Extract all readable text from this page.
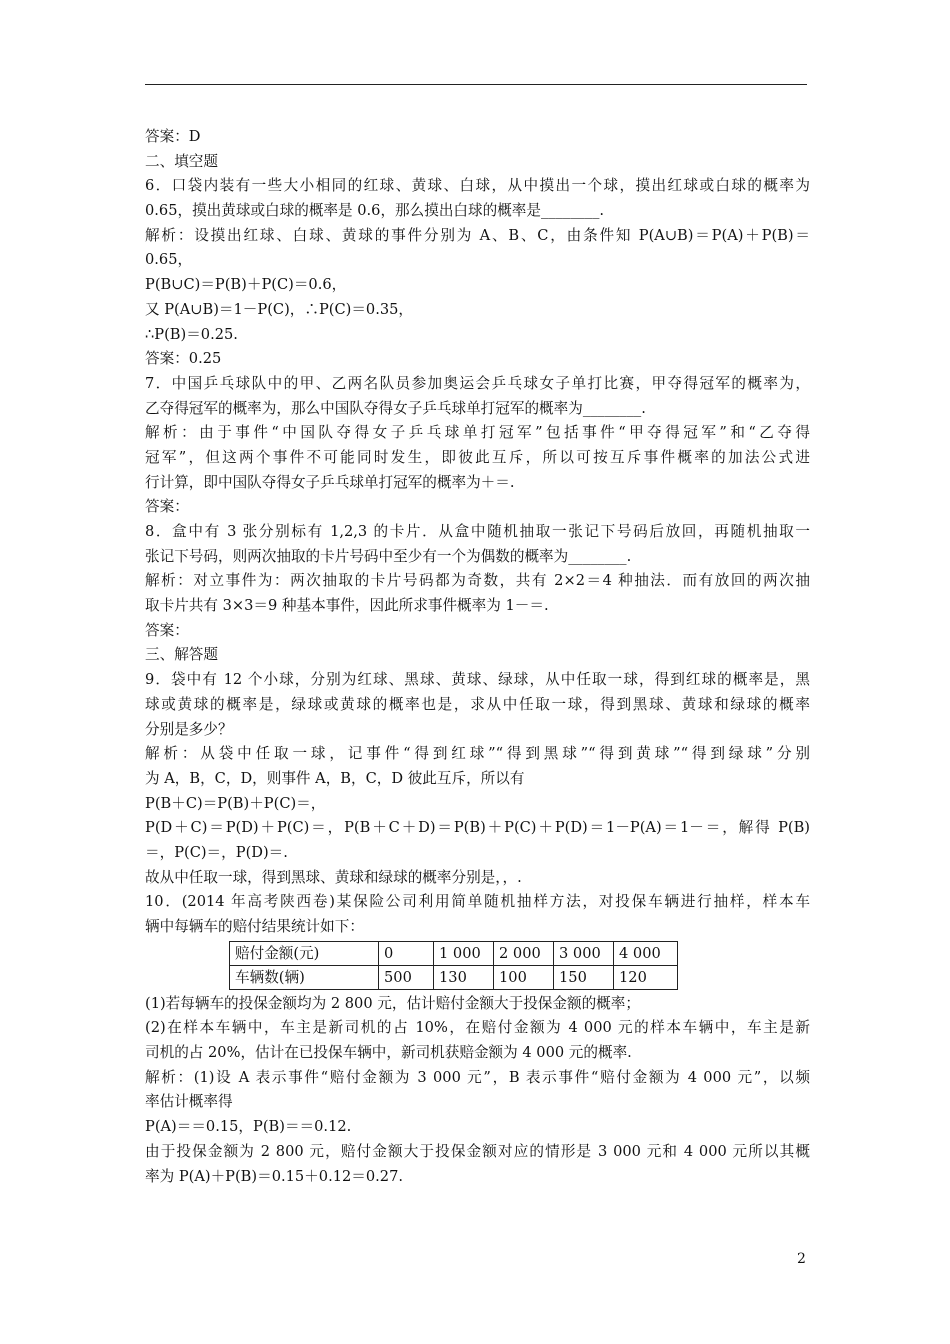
答案：D
二、填空题
6．口袋内装有一些大小相同的红球、黄球、白球，从中摸出一个球，摸出红球或白球的概率为
0.65，摸出黄球或白球的概率是 0.6，那么摸出白球的概率是________.
解析：设摸出红球、白球、黄球的事件分别为 A、B、C，由条件知 P(A∪B)＝P(A)＋P(B)＝
0.65，
P(B∪C)＝P(B)＋P(C)＝0.6，
又 P(A∪B)＝1－P(C)，∴P(C)＝0.35，
∴P(B)＝0.25.
答案：0.25
7．中国乒乓球队中的甲、乙两名队员参加奥运会乒乓球女子单打比赛，甲夺得冠军的概率为，
乙夺得冠军的概率为，那么中国队夺得女子乒乓球单打冠军的概率为________.
解析：由于事件“中国队夺得女子乒乓球单打冠军”包括事件“甲夺得冠军”和“乙夺得
冠军”，但这两个事件不可能同时发生，即彼此互斥，所以可按互斥事件概率的加法公式进
行计算，即中国队夺得女子乒乓球单打冠军的概率为＋＝.
答案：
8．盒中有 3 张分别标有 1,2,3 的卡片．从盒中随机抽取一张记下号码后放回，再随机抽取一
张记下号码，则两次抽取的卡片号码中至少有一个为偶数的概率为________.
解析：对立事件为：两次抽取的卡片号码都为奇数，共有 2×2＝4 种抽法．而有放回的两次抽
取卡片共有 3×3＝9 种基本事件，因此所求事件概率为 1－＝.
答案：
三、解答题
9．袋中有 12 个小球，分别为红球、黑球、黄球、绿球，从中任取一球，得到红球的概率是，黑
球或黄球的概率是，绿球或黄球的概率也是，求从中任取一球，得到黑球、黄球和绿球的概率
分别是多少？
解析：从袋中任取一球，记事件“得到红球”“得到黑球”“得到黄球”“得到绿球”分别
为 A，B，C，D，则事件 A，B，C，D 彼此互斥，所以有
P(B＋C)＝P(B)＋P(C)＝，
P(D＋C)＝P(D)＋P(C)＝，P(B＋C＋D)＝P(B)＋P(C)＋P(D)＝1－P(A)＝1－＝，解得 P(B)
＝，P(C)＝，P(D)＝.
故从中任取一球，得到黑球、黄球和绿球的概率分别是，，.
10．(2014 年高考陕西卷)某保险公司利用简单随机抽样方法，对投保车辆进行抽样，样本车
辆中每辆车的赔付结果统计如下：
赔付金额(元)	0	1 000	2 000	3 000	4 000
车辆数(辆)	500	130	100	150	120
(1)若每辆车的投保金额均为 2 800 元，估计赔付金额大于投保金额的概率；
(2)在样本车辆中，车主是新司机的占 10%，在赔付金额为 4 000 元的样本车辆中，车主是新
司机的占 20%，估计在已投保车辆中，新司机获赔金额为 4 000 元的概率.
解析：(1)设 A 表示事件“赔付金额为 3 000 元”，B 表示事件“赔付金额为 4 000 元”，以频
率估计概率得
P(A)＝＝0.15，P(B)＝＝0.12.
由于投保金额为 2 800 元，赔付金额大于投保金额对应的情形是 3 000 元和 4 000 元所以其概
率为 P(A)＋P(B)＝0.15＋0.12＝0.27.
2
